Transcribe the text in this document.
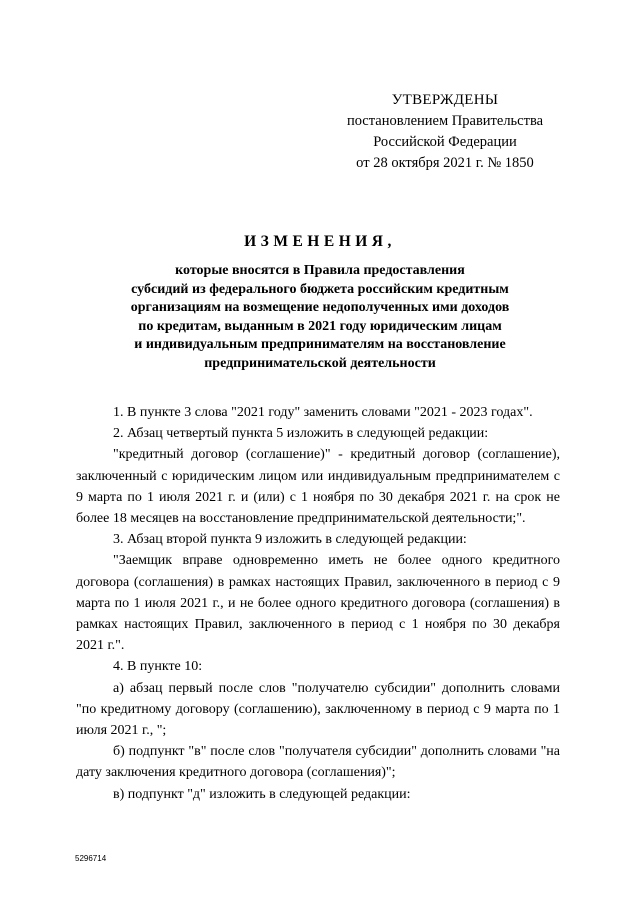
УТВЕРЖДЕНЫ
постановлением Правительства
Российской Федерации
от 28 октября 2021 г. № 1850
ИЗМЕНЕНИЯ,
которые вносятся в Правила предоставления
субсидий из федерального бюджета российским кредитным
организациям на возмещение недополученных ими доходов
по кредитам, выданным в 2021 году юридическим лицам
и индивидуальным предпринимателям на восстановление
предпринимательской деятельности

1. В пункте 3 слова "2021 году" заменить словами "2021 - 2023 годах".

2. Абзац четвертый пункта 5 изложить в следующей редакции:

"кредитный договор (соглашение)" - кредитный договор (соглашение), заключенный с юридическим лицом или индивидуальным предпринимателем с 9 марта по 1 июля 2021 г. и (или) с 1 ноября по 30 декабря 2021 г. на срок не более 18 месяцев на восстановление предпринимательской деятельности;".

3. Абзац второй пункта 9 изложить в следующей редакции:

"Заемщик вправе одновременно иметь не более одного кредитного договора (соглашения) в рамках настоящих Правил, заключенного в период с 9 марта по 1 июля 2021 г., и не более одного кредитного договора (соглашения) в рамках настоящих Правил, заключенного в период с 1 ноября по 30 декабря 2021 г.".

4. В пункте 10:

а) абзац первый после слов "получателю субсидии" дополнить словами "по кредитному договору (соглашению), заключенному в период с 9 марта по 1 июля 2021 г., ";

б) подпункт "в" после слов "получателя субсидии" дополнить словами "на дату заключения кредитного договора (соглашения)";

в) подпункт "д" изложить в следующей редакции:

5296714
